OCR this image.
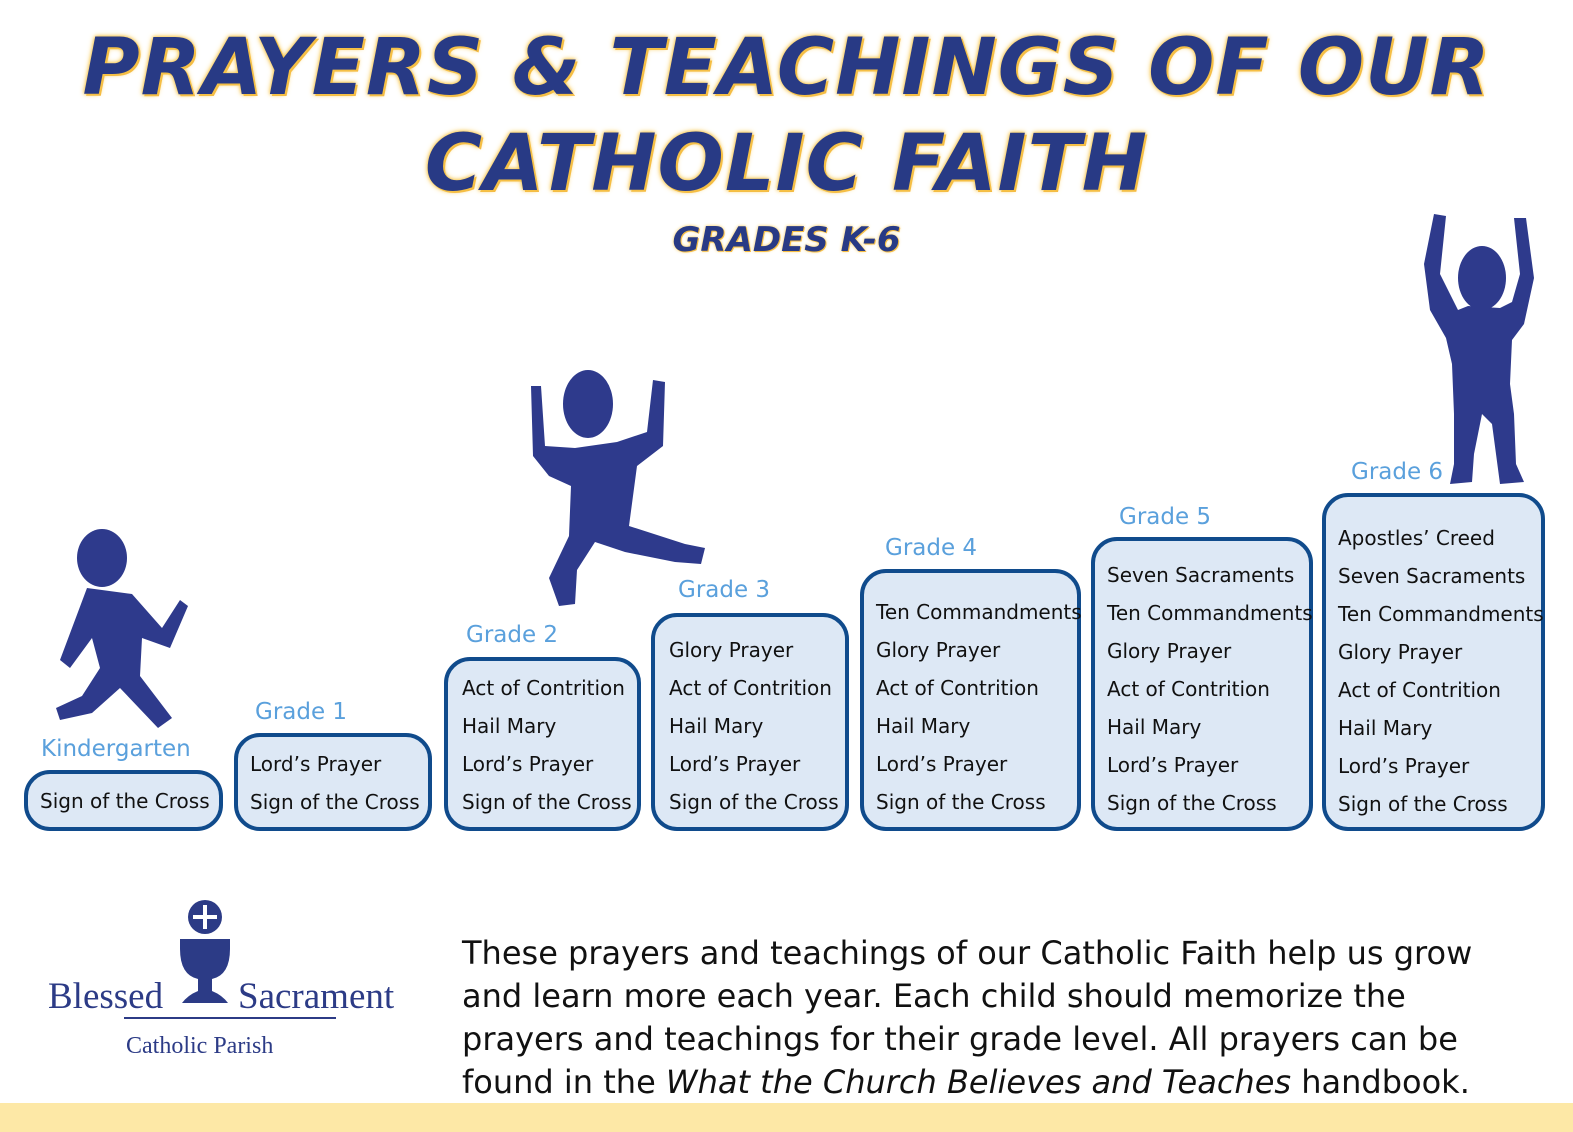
PRAYERS & TEACHINGS OF OUR
CATHOLIC FAITH
GRADES K-6
Kindergarten
Grade 1
Grade 2
Grade 3
Grade 4
Grade 5
Grade 6
Sign of the Cross
Lord’s Prayer
Sign of the Cross
Act of Contrition
Hail Mary
Lord’s Prayer
Sign of the Cross
Glory Prayer
Act of Contrition
Hail Mary
Lord’s Prayer
Sign of the Cross
Ten Commandments
Glory Prayer
Act of Contrition
Hail Mary
Lord’s Prayer
Sign of the Cross
Seven Sacraments
Ten Commandments
Glory Prayer
Act of Contrition
Hail Mary
Lord’s Prayer
Sign of the Cross
Apostles’ Creed
Seven Sacraments
Ten Commandments
Glory Prayer
Act of Contrition
Hail Mary
Lord’s Prayer
Sign of the Cross
Blessed Sacrament
Catholic Parish

These prayers and teachings of our Catholic Faith help us grow and learn more each year. Each child should memorize the prayers and teachings for their grade level. All prayers can be found in the What the Church Believes and Teaches handbook.
